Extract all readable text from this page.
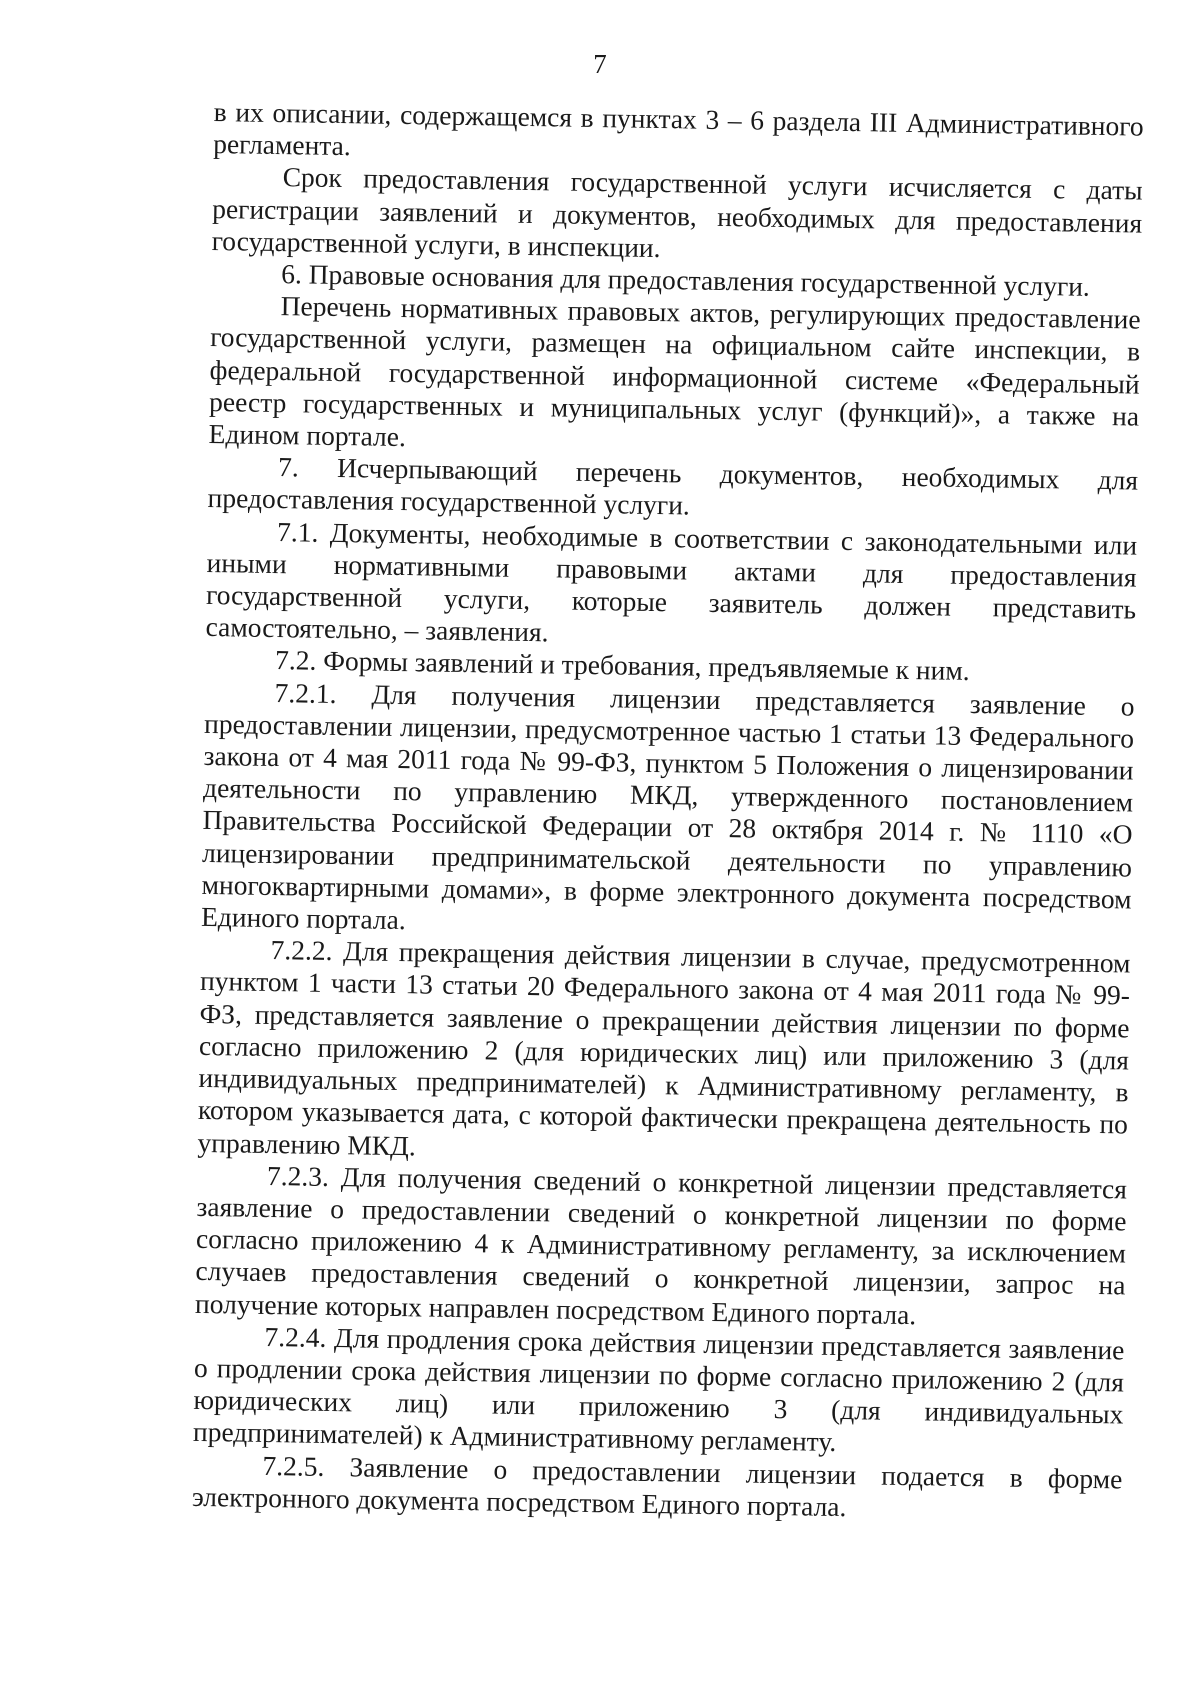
7

в их описании, содержащемся в пунктах 3 – 6 раздела III Административного регламента.

Срок предоставления государственной услуги исчисляется с даты регистрации заявлений и документов, необходимых для предоставления государственной услуги, в инспекции.

6. Правовые основания для предоставления государственной услуги.

Перечень нормативных правовых актов, регулирующих предоставление государственной услуги, размещен на официальном сайте инспекции, в федеральной государственной информационной системе «Федеральный реестр государственных и муниципальных услуг (функций)», а также на Едином портале.

7. Исчерпывающий перечень документов, необходимых для предоставления государственной услуги.

7.1. Документы, необходимые в соответствии с законодательными или иными нормативными правовыми актами для предоставления государственной услуги, которые заявитель должен представить самостоятельно, – заявления.

7.2. Формы заявлений и требования, предъявляемые к ним.

7.2.1. Для получения лицензии представляется заявление о предоставлении лицензии, предусмотренное частью 1 статьи 13 Федерального закона от 4 мая 2011 года № 99-ФЗ, пунктом 5 Положения о лицензировании деятельности по управлению МКД, утвержденного постановлением Правительства Российской Федерации от 28 октября 2014 г. № 1110 «О лицензировании предпринимательской деятельности по управлению многоквартирными домами», в форме электронного документа посредством Единого портала.

7.2.2. Для прекращения действия лицензии в случае, предусмотренном пунктом 1 части 13 статьи 20 Федерального закона от 4 мая 2011 года № 99-ФЗ, представляется заявление о прекращении действия лицензии по форме согласно приложению 2 (для юридических лиц) или приложению 3 (для индивидуальных предпринимателей) к Административному регламенту, в котором указывается дата, с которой фактически прекращена деятельность по управлению МКД.

7.2.3. Для получения сведений о конкретной лицензии представляется заявление о предоставлении сведений о конкретной лицензии по форме согласно приложению 4 к Административному регламенту, за исключением случаев предоставления сведений о конкретной лицензии, запрос на получение которых направлен посредством Единого портала.

7.2.4. Для продления срока действия лицензии представляется заявление о продлении срока действия лицензии по форме согласно приложению 2 (для юридических лиц) или приложению 3 (для индивидуальных предпринимателей) к Административному регламенту.

7.2.5. Заявление о предоставлении лицензии подается в форме электронного документа посредством Единого портала.
